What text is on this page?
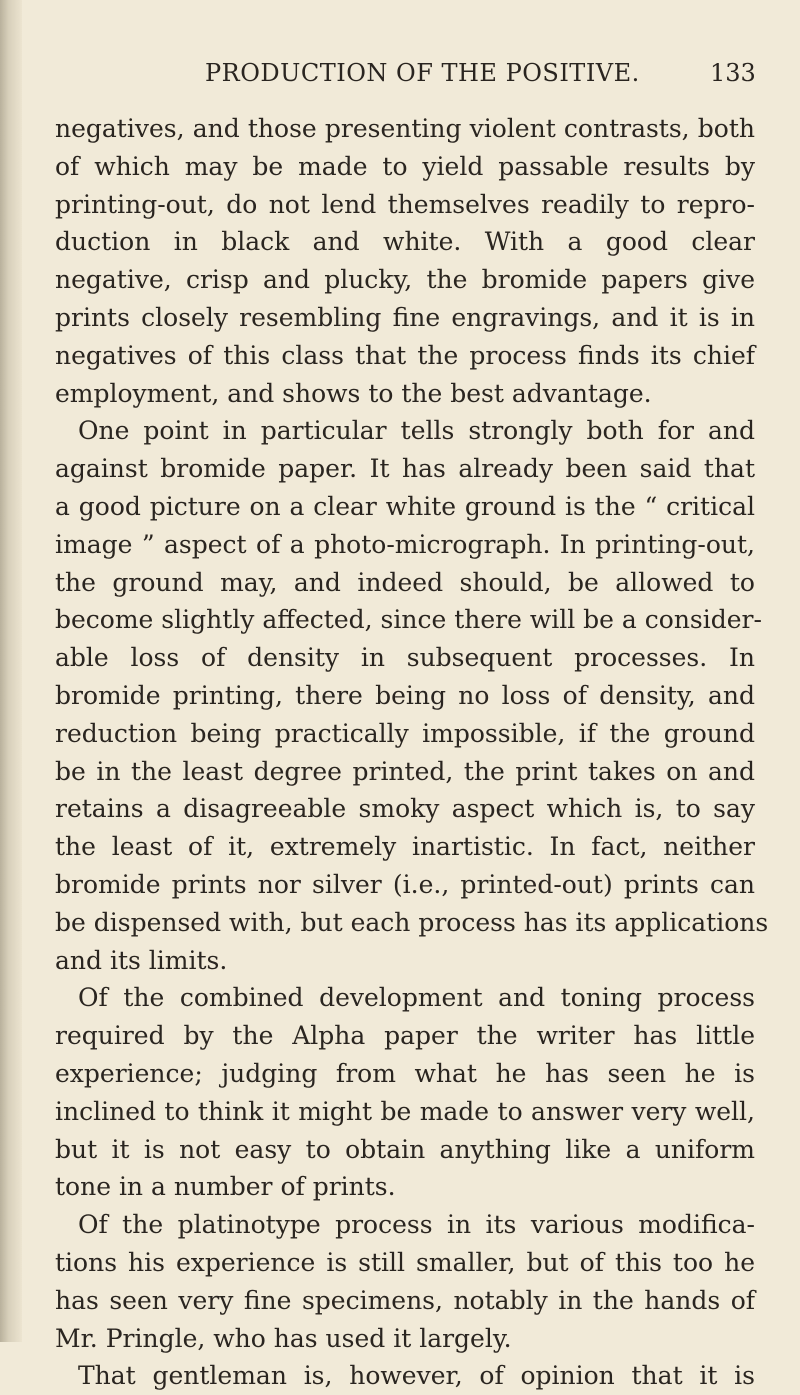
PRODUCTION OF THE POSITIVE.	133
negatives, and those presenting violent contrasts, both
of which may be made to yield passable results by
printing-out, do not lend themselves readily to repro-
duction in black and white. With a good clear
negative, crisp and plucky, the bromide papers give
prints closely resembling fine engravings, and it is in
negatives of this class that the process finds its chief
employment, and shows to the best advantage.
One point in particular tells strongly both for and
against bromide paper. It has already been said that
a good picture on a clear white ground is the “ critical
image ” aspect of a photo-micrograph. In printing-out,
the ground may, and indeed should, be allowed to
become slightly affected, since there will be a consider-
able loss of density in subsequent processes. In
bromide printing, there being no loss of density, and
reduction being practically impossible, if the ground
be in the least degree printed, the print takes on and
retains a disagreeable smoky aspect which is, to say
the least of it, extremely inartistic. In fact, neither
bromide prints nor silver (i.e., printed-out) prints can
be dispensed with, but each process has its applications
and its limits.
Of the combined development and toning process
required by the Alpha paper the writer has little
experience; judging from what he has seen he is
inclined to think it might be made to answer very well,
but it is not easy to obtain anything like a uniform
tone in a number of prints.
Of the platinotype process in its various modifica-
tions his experience is still smaller, but of this too he
has seen very fine specimens, notably in the hands of
Mr. Pringle, who has used it largely.
That gentleman is, however, of opinion that it is
